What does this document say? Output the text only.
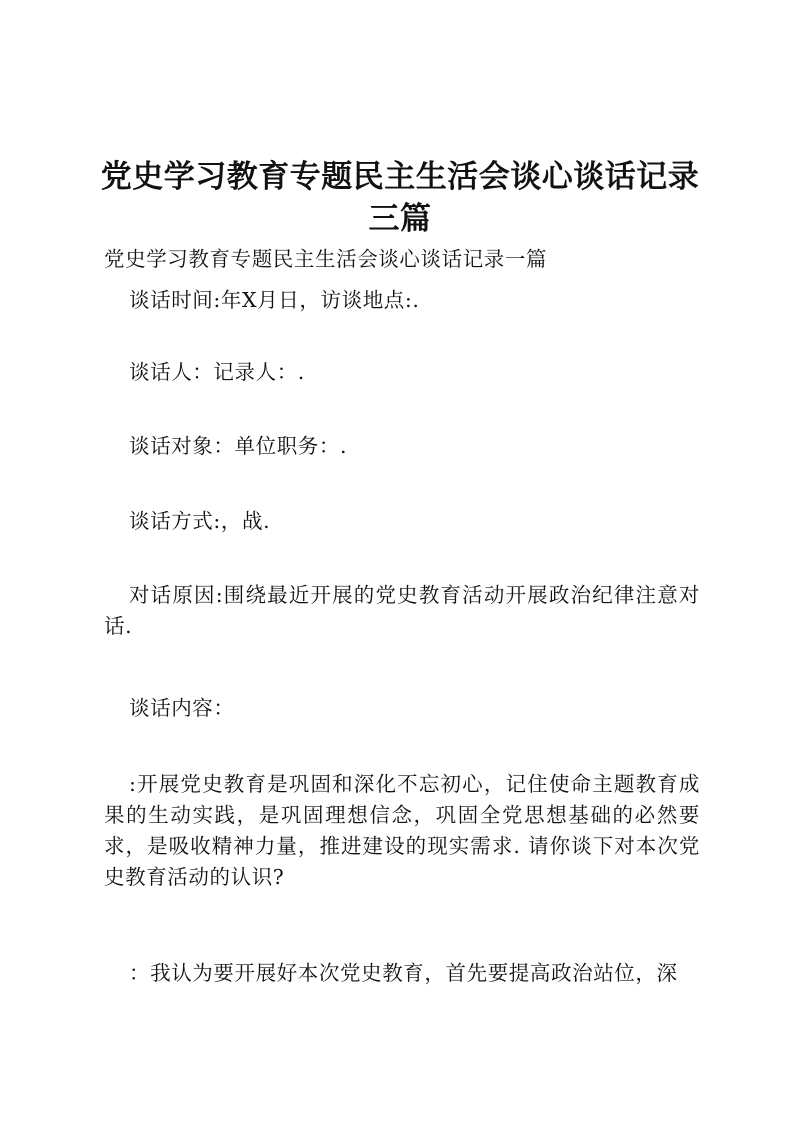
党史学习教育专题民主生活会谈心谈话记录三篇
党史学习教育专题民主生活会谈心谈话记录一篇
谈话时间:年X月日，访谈地点:.
谈话人：记录人：.
谈话对象：单位职务：.
谈话方式:，战.
对话原因:围绕最近开展的党史教育活动开展政治纪律注意对话.
谈话内容：
:开展党史教育是巩固和深化不忘初心，记住使命主题教育成果的生动实践，是巩固理想信念，巩固全党思想基础的必然要求，是吸收精神力量，推进建设的现实需求. 请你谈下对本次党史教育活动的认识?
：我认为要开展好本次党史教育，首先要提高政治站位，深
